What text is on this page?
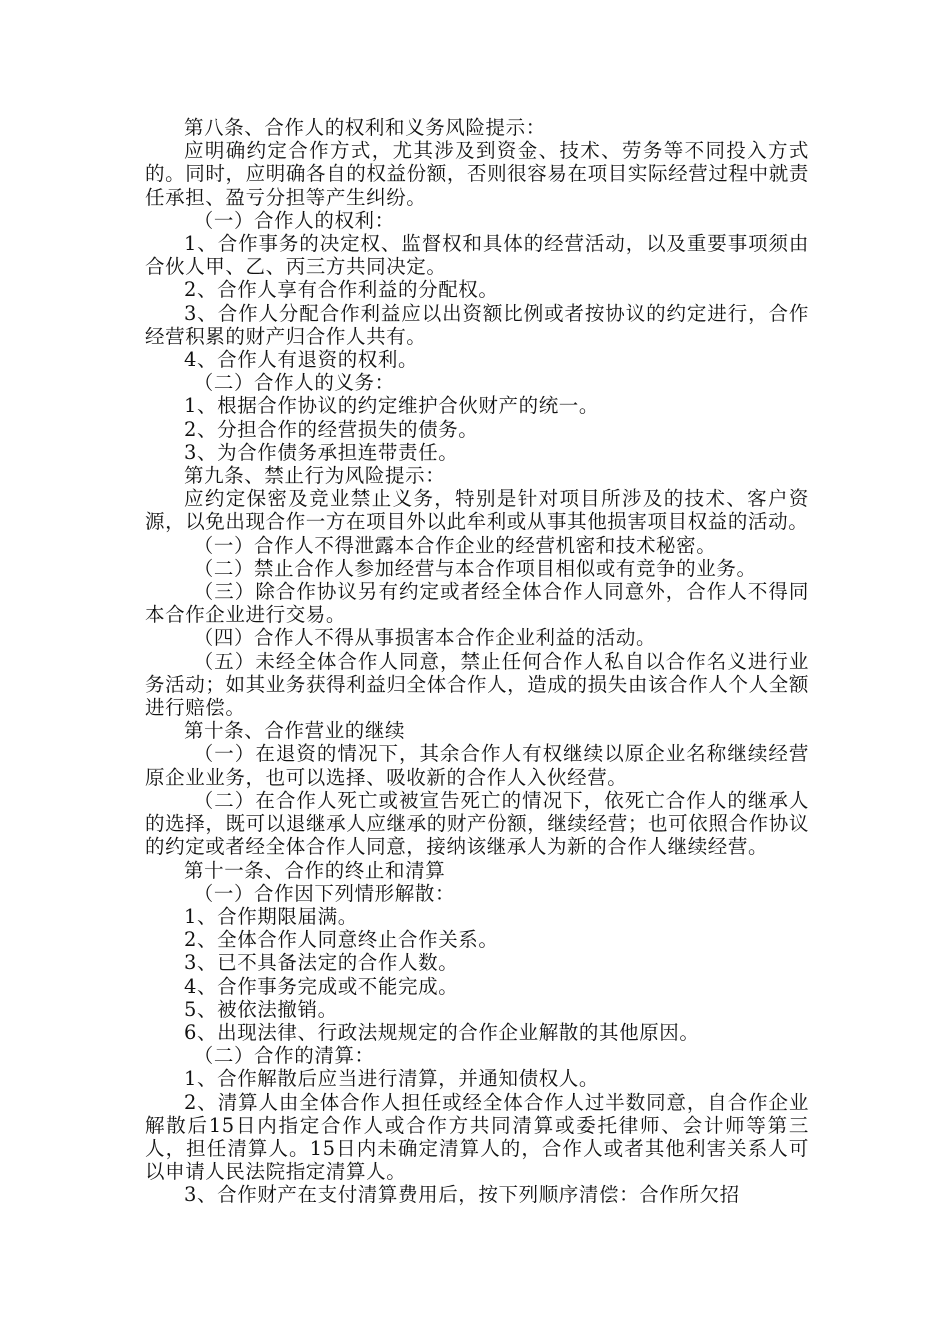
第八条、合作人的权利和义务风险提示：

应明确约定合作方式，尤其涉及到资金、技术、劳务等不同投入方式的。同时，应明确各自的权益份额，否则很容易在项目实际经营过程中就责任承担、盈亏分担等产生纠纷。

（一）合作人的权利：

1、合作事务的决定权、监督权和具体的经营活动，以及重要事项须由合伙人甲、乙、丙三方共同决定。

2、合作人享有合作利益的分配权。

3、合作人分配合作利益应以出资额比例或者按协议的约定进行，合作经营积累的财产归合作人共有。

4、合作人有退资的权利。

（二）合作人的义务：

1、根据合作协议的约定维护合伙财产的统一。

2、分担合作的经营损失的债务。

3、为合作债务承担连带责任。

第九条、禁止行为风险提示：

应约定保密及竞业禁止义务，特别是针对项目所涉及的技术、客户资源，以免出现合作一方在项目外以此牟利或从事其他损害项目权益的活动。

（一）合作人不得泄露本合作企业的经营机密和技术秘密。

（二）禁止合作人参加经营与本合作项目相似或有竞争的业务。

（三）除合作协议另有约定或者经全体合作人同意外，合作人不得同本合作企业进行交易。

（四）合作人不得从事损害本合作企业利益的活动。

（五）未经全体合作人同意，禁止任何合作人私自以合作名义进行业务活动；如其业务获得利益归全体合作人，造成的损失由该合作人个人全额进行赔偿。

第十条、合作营业的继续

（一）在退资的情况下，其余合作人有权继续以原企业名称继续经营原企业业务，也可以选择、吸收新的合作人入伙经营。

（二）在合作人死亡或被宣告死亡的情况下，依死亡合作人的继承人的选择，既可以退继承人应继承的财产份额，继续经营；也可依照合作协议的约定或者经全体合作人同意，接纳该继承人为新的合作人继续经营。

第十一条、合作的终止和清算

（一）合作因下列情形解散：

1、合作期限届满。

2、全体合作人同意终止合作关系。

3、已不具备法定的合作人数。

4、合作事务完成或不能完成。

5、被依法撤销。

6、出现法律、行政法规规定的合作企业解散的其他原因。

（二）合作的清算：

1、合作解散后应当进行清算，并通知债权人。

2、清算人由全体合作人担任或经全体合作人过半数同意，自合作企业解散后15日内指定合作人或合作方共同清算或委托律师、会计师等第三人，担任清算人。15日内未确定清算人的，合作人或者其他利害关系人可以申请人民法院指定清算人。

3、合作财产在支付清算费用后，按下列顺序清偿：合作所欠招
